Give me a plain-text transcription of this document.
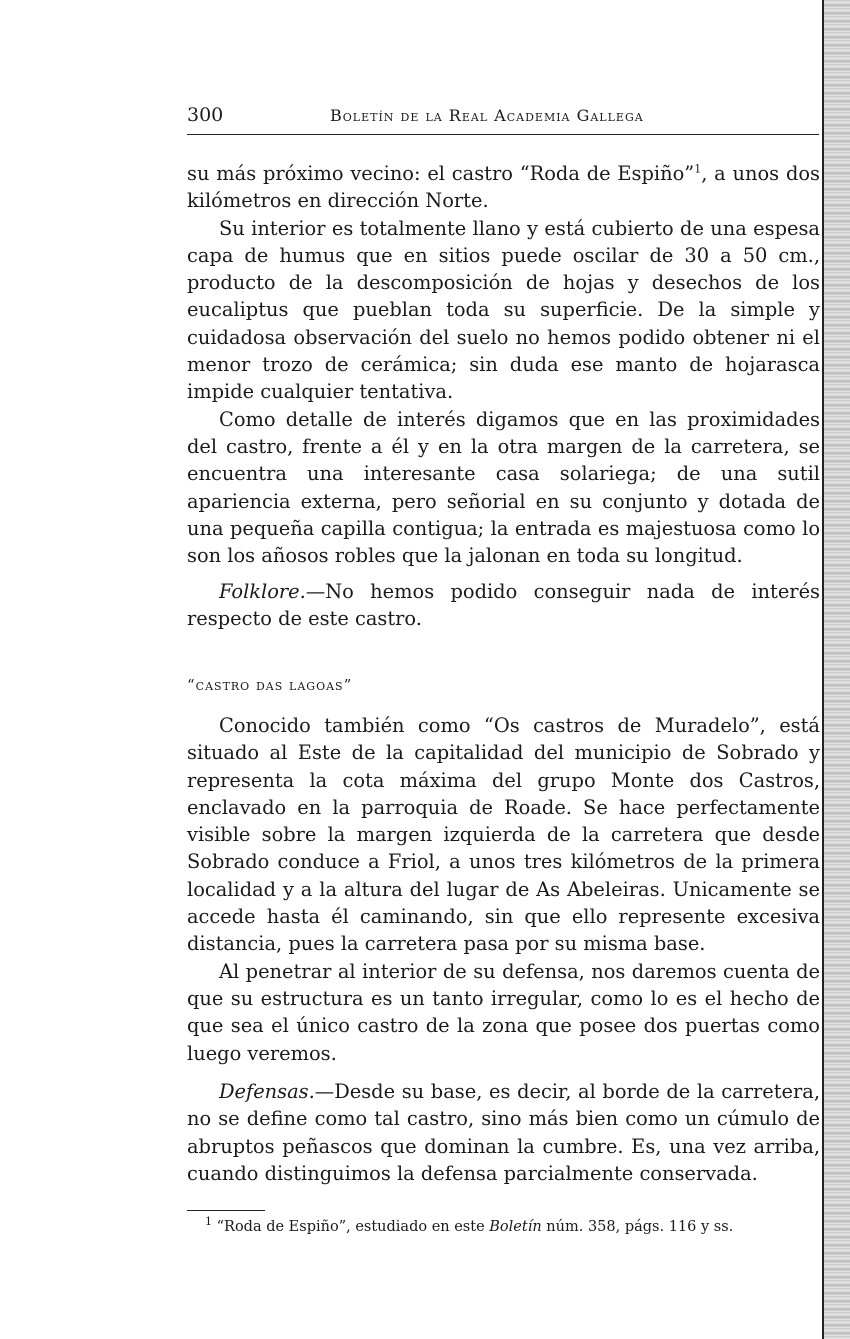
300	Boletín de la Real Academia Gallega

su más próximo vecino: el castro “Roda de Espiño”$^1$, a unos dos kilómetros en dirección Norte.

Su interior es totalmente llano y está cubierto de una espesa capa de humus que en sitios puede oscilar de 30 a 50 cm., producto de la descomposición de hojas y desechos de los eucaliptus que pueblan toda su superficie. De la simple y cuidadosa observación del suelo no hemos podido obtener ni el menor trozo de cerámica; sin duda ese manto de hojarasca impide cualquier tentativa.

Como detalle de interés digamos que en las proximidades del castro, frente a él y en la otra margen de la carretera, se encuentra una interesante casa solariega; de una sutil apariencia externa, pero señorial en su conjunto y dotada de una pequeña capilla contigua; la entrada es majestuosa como lo son los añosos robles que la jalonan en toda su longitud.

Folklore.—No hemos podido conseguir nada de interés respecto de este castro.

“castro das lagoas”

Conocido también como “Os castros de Muradelo”, está situado al Este de la capitalidad del municipio de Sobrado y representa la cota máxima del grupo Monte dos Castros, enclavado en la parroquia de Roade. Se hace perfectamente visible sobre la margen izquierda de la carretera que desde Sobrado conduce a Friol, a unos tres kilómetros de la primera localidad y a la altura del lugar de As Abeleiras. Unicamente se accede hasta él caminando, sin que ello represente excesiva distancia, pues la carretera pasa por su misma base.

Al penetrar al interior de su defensa, nos daremos cuenta de que su estructura es un tanto irregular, como lo es el hecho de que sea el único castro de la zona que posee dos puertas como luego veremos.

Defensas.—Desde su base, es decir, al borde de la carretera, no se define como tal castro, sino más bien como un cúmulo de abruptos peñascos que dominan la cumbre. Es, una vez arriba, cuando distinguimos la defensa parcialmente conservada.

$^1$ “Roda de Espiño”, estudiado en este Boletín núm. 358, págs. 116 y ss.
